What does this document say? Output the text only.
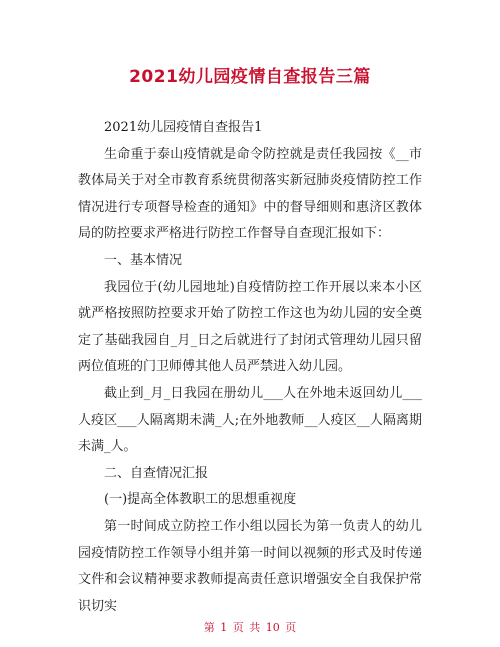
2021幼儿园疫情自查报告三篇

2021幼儿园疫情自查报告1

生命重于泰山疫情就是命令防控就是责任我园按《__市教体局关于对全市教育系统贯彻落实新冠肺炎疫情防控工作情况进行专项督导检查的通知》中的督导细则和惠济区教体局的防控要求严格进行防控工作督导自查现汇报如下：

一、基本情况

我园位于(幼儿园地址)自疫情防控工作开展以来本小区就严格按照防控要求开始了防控工作这也为幼儿园的安全奠定了基础我园自_月_日之后就进行了封闭式管理幼儿园只留两位值班的门卫师傅其他人员严禁进入幼儿园。

截止到_月_日我园在册幼儿___人在外地未返回幼儿___人疫区___人隔离期未满_人;在外地教师__人疫区__人隔离期未满_人。

二、自查情况汇报

(一)提高全体教职工的思想重视度

第一时间成立防控工作小组以园长为第一负责人的幼儿园疫情防控工作领导小组并第一时间以视频的形式及时传递文件和会议精神要求教师提高责任意识增强安全自我保护常识切实

第 1 页 共 10 页
